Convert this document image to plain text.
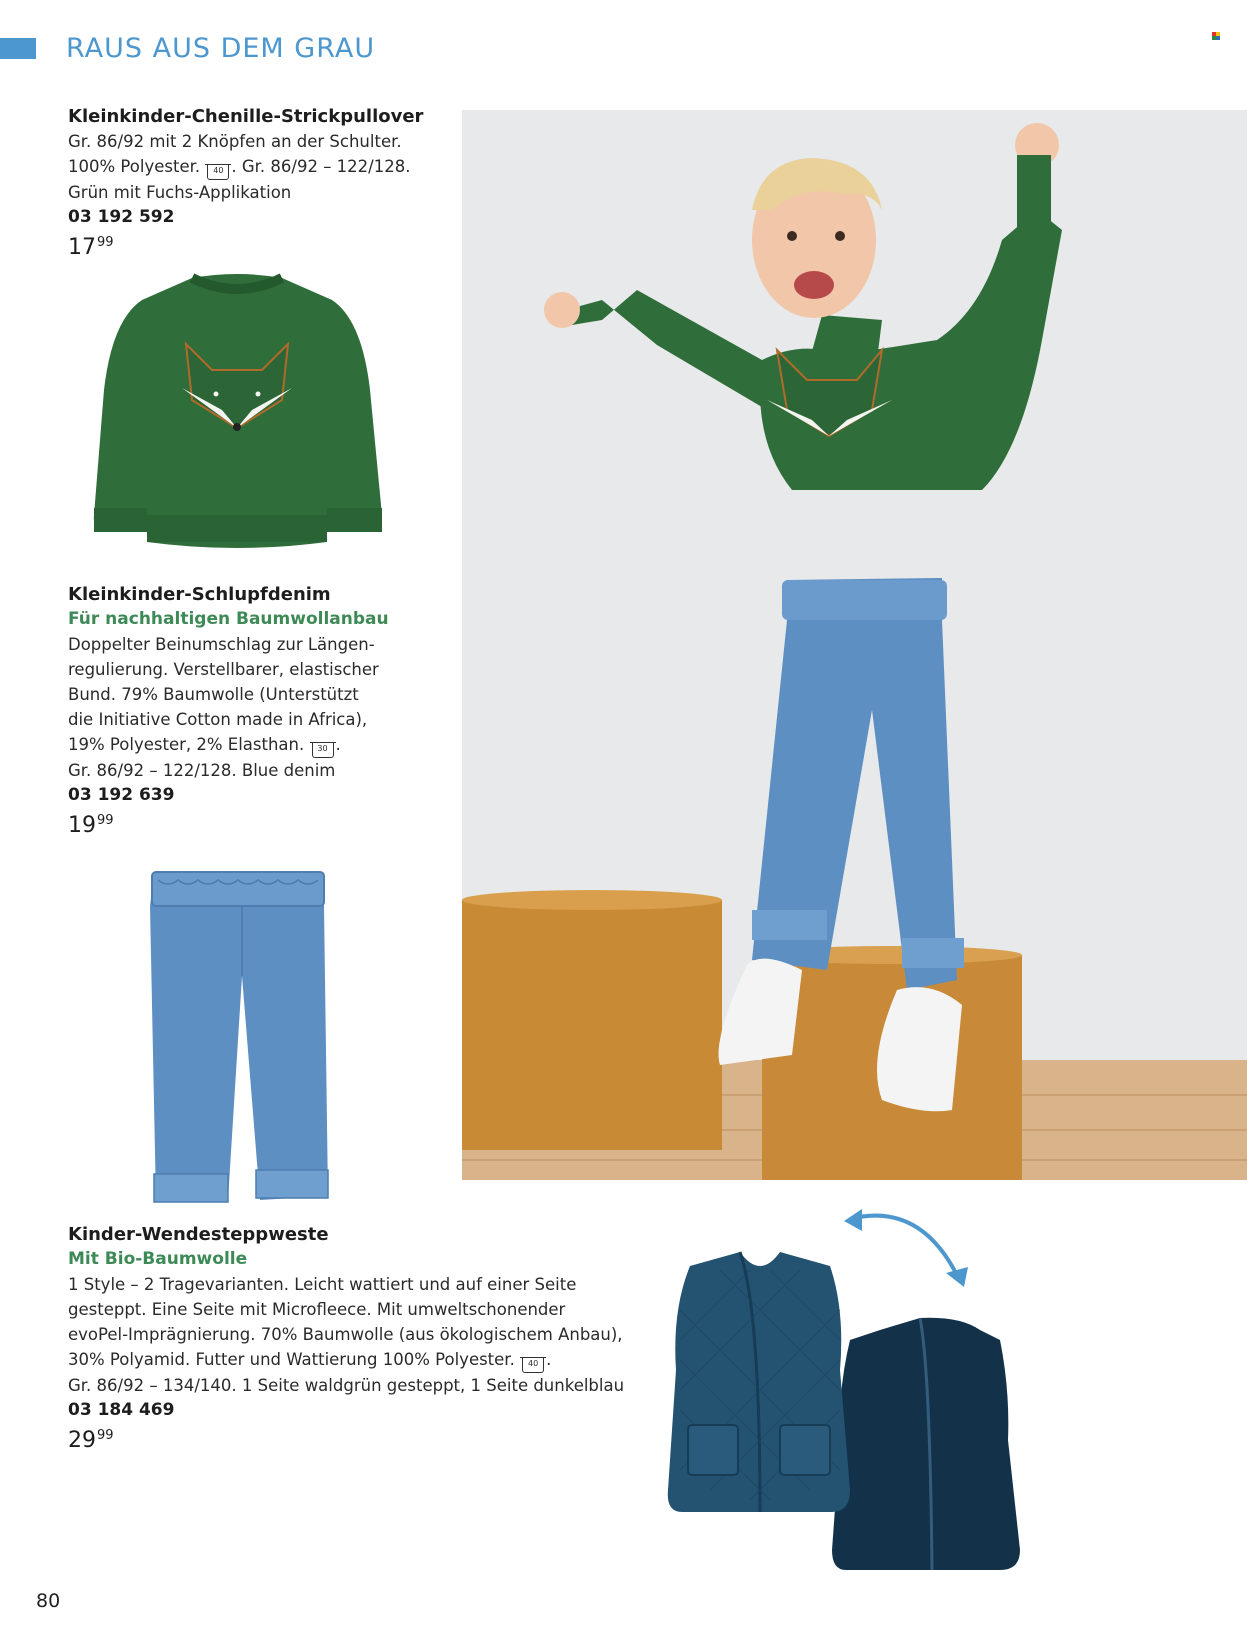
RAUS AUS DEM GRAU
Kleinkinder-Chenille-Strickpullover
Gr. 86/92 mit 2 Knöpfen an der Schulter.
100% Polyester. 40 . Gr. 86/92 – 122/128.
Grün mit Fuchs-Applikation
03 192 592
17 99
Kleinkinder-Schlupfdenim
Für nachhaltigen Baumwollanbau
Doppelter Beinumschlag zur Längen-
regulierung. Verstellbarer, elastischer
Bund. 79% Baumwolle (Unterstützt
die Initiative Cotton made in Africa),
19% Polyester, 2% Elasthan. 30 .
Gr. 86/92 – 122/128. Blue denim
03 192 639
19 99
Kinder-Wendesteppweste
Mit Bio-Baumwolle
1 Style – 2 Tragevarianten. Leicht wattiert und auf einer Seite
gesteppt. Eine Seite mit Microfleece. Mit umweltschonender
evoPel-Imprägnierung. 70% Baumwolle (aus ökologischem Anbau),
30% Polyamid. Futter und Wattierung 100% Polyester. 40 .
Gr. 86/92 – 134/140. 1 Seite waldgrün gesteppt, 1 Seite dunkelblau
03 184 469
29 99
80
